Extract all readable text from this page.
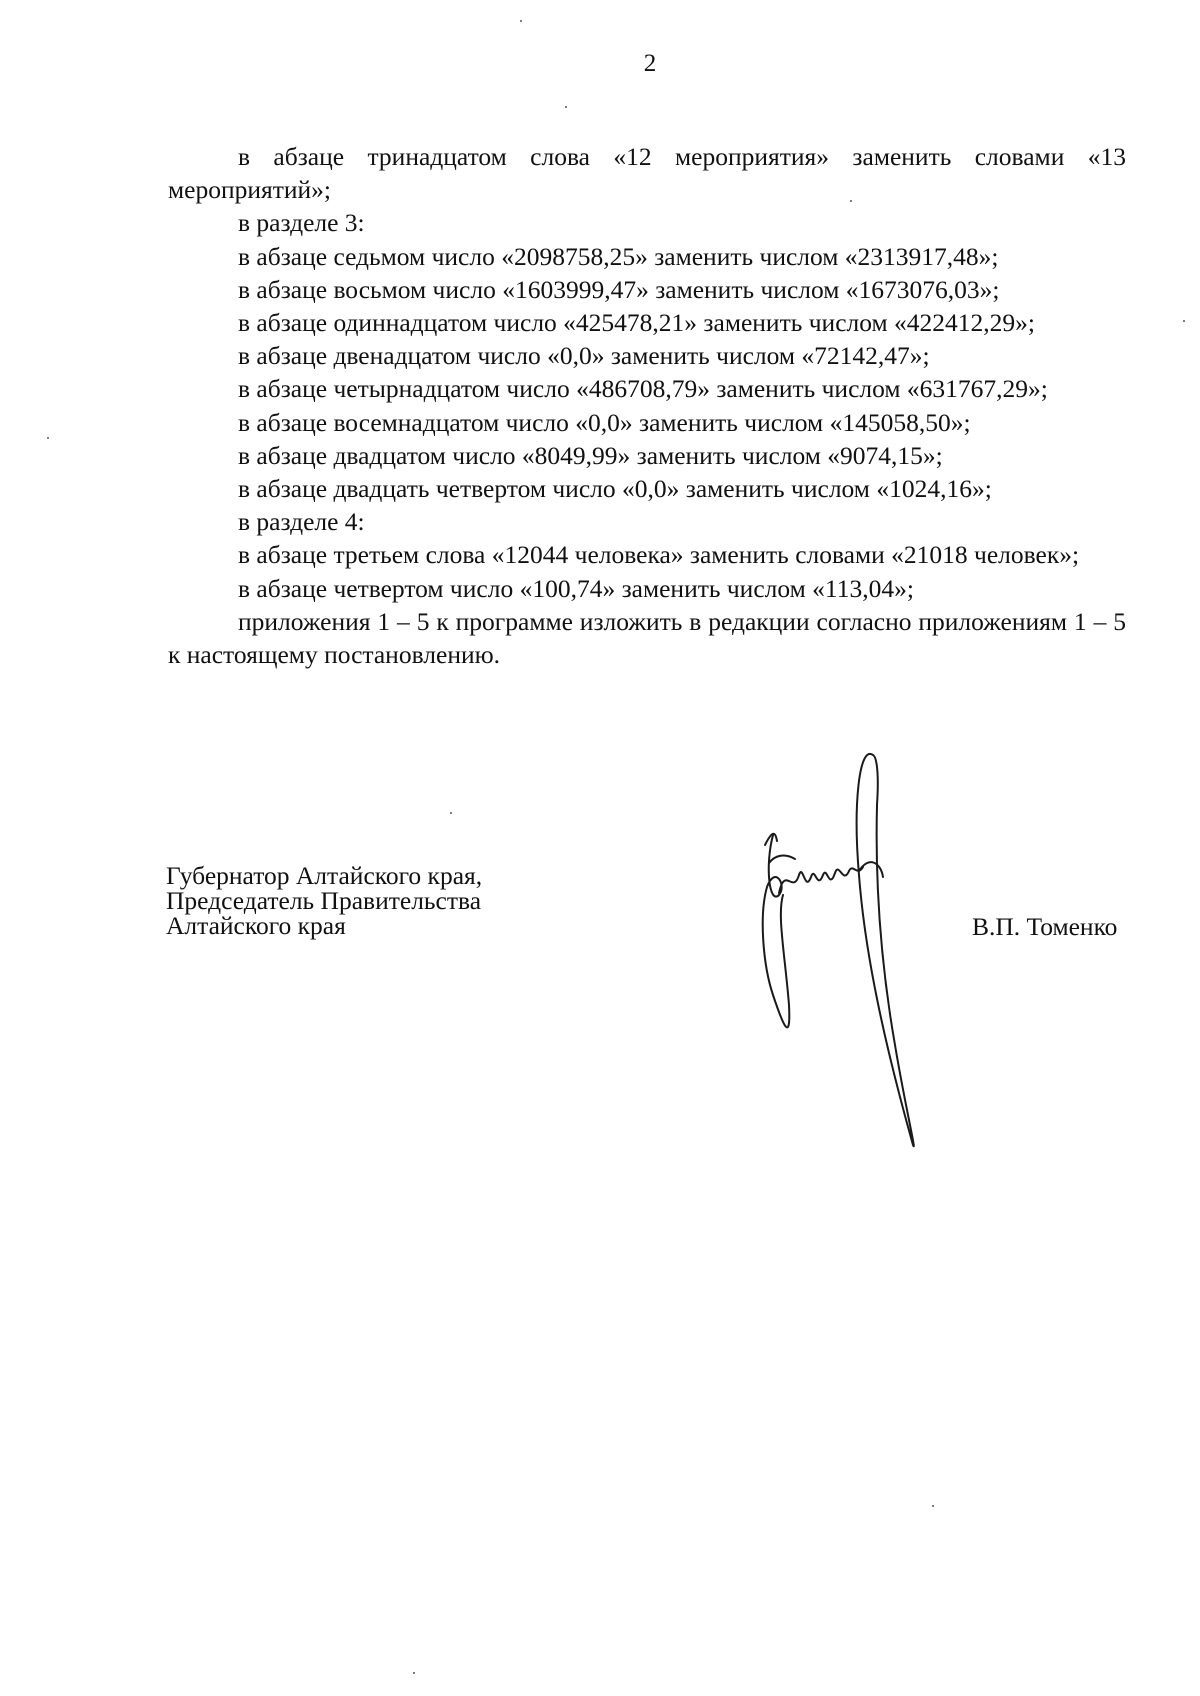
2

в абзаце тринадцатом слова «12 мероприятия» заменить словами «13 мероприятий»;

в разделе 3:

в абзаце седьмом число «2098758,25» заменить числом «2313917,48»;

в абзаце восьмом число «1603999,47» заменить числом «1673076,03»;

в абзаце одиннадцатом число «425478,21» заменить числом «422412,29»;

в абзаце двенадцатом число «0,0» заменить числом «72142,47»;

в абзаце четырнадцатом число «486708,79» заменить числом «631767,29»;

в абзаце восемнадцатом число «0,0» заменить числом «145058,50»;

в абзаце двадцатом число «8049,99» заменить числом «9074,15»;

в абзаце двадцать четвертом число «0,0» заменить числом «1024,16»;

в разделе 4:

в абзаце третьем слова «12044 человека» заменить словами «21018 человек»;

в абзаце четвертом число «100,74» заменить числом «113,04»;

приложения 1 – 5 к программе изложить в редакции согласно приложениям 1 – 5 к настоящему постановлению.

Губернатор Алтайского края,
Председатель Правительства
Алтайского края	В.П. Томенко
